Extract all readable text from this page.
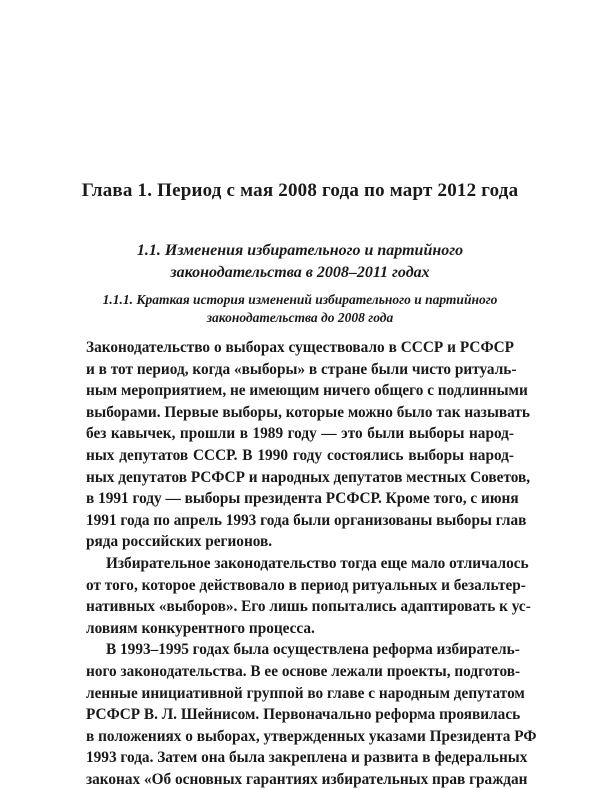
Глава 1. Период с мая 2008 года по март 2012 года
1.1. Изменения избирательного и партийного
законодательства в 2008–2011 годах
1.1.1. Краткая история изменений избирательного и партийного
законодательства до 2008 года
Законодательство о выборах существовало в СССР и РСФСР
и в тот период, когда «выборы» в стране были чисто ритуаль-
ным мероприятием, не имеющим ничего общего с подлинными
выборами. Первые выборы, которые можно было так называть
без кавычек, прошли в 1989 году — это были выборы народ-
ных депутатов СССР. В 1990 году состоялись выборы народ-
ных депутатов РСФСР и народных депутатов местных Советов,
в 1991 году — выборы президента РСФСР. Кроме того, с июня
1991 года по апрель 1993 года были организованы выборы глав
ряда российских регионов.
Избирательное законодательство тогда еще мало отличалось
от того, которое действовало в период ритуальных и безальтер-
нативных «выборов». Его лишь попытались адаптировать к ус-
ловиям конкурентного процесса.
В 1993–1995 годах была осуществлена реформа избиратель-
ного законодательства. В ее основе лежали проекты, подготов-
ленные инициативной группой во главе с народным депутатом
РСФСР В. Л. Шейнисом. Первоначально реформа проявилась
в положениях о выборах, утвержденных указами Президента РФ
1993 года. Затем она была закреплена и развита в федеральных
законах «Об основных гарантиях избирательных прав граждан
